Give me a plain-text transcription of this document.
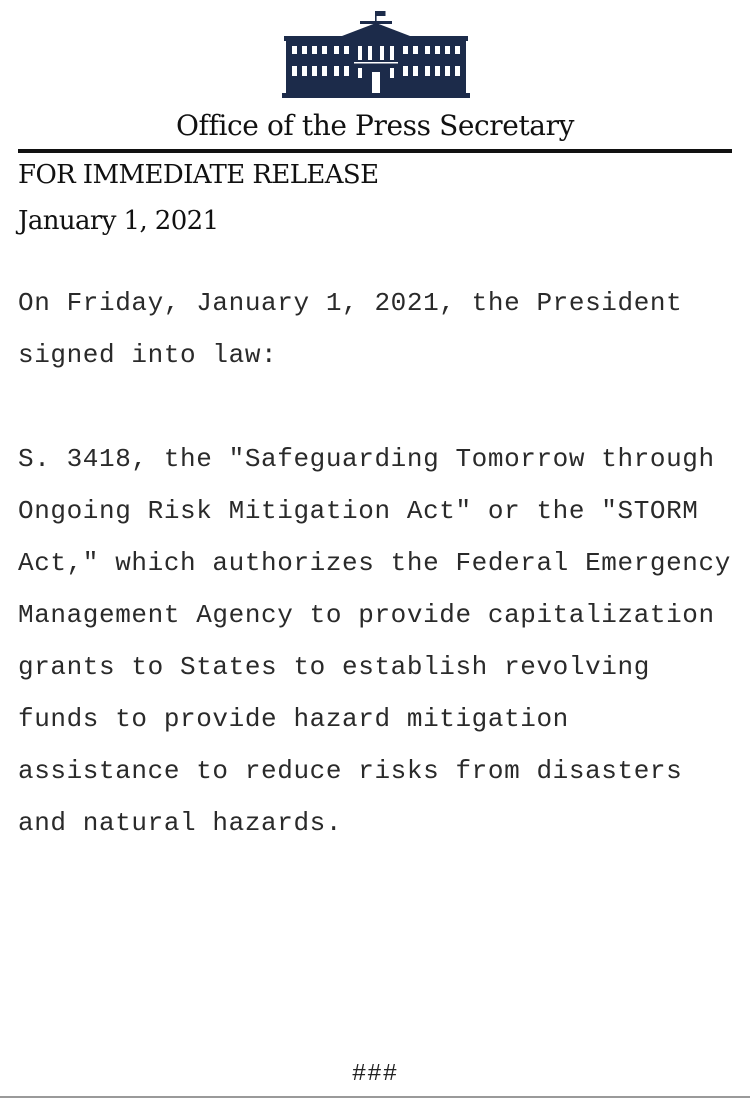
Office of the Press Secretary
FOR IMMEDIATE RELEASE
January 1, 2021

On Friday, January 1, 2021, the President signed into law:

S. 3418, the "Safeguarding Tomorrow through Ongoing Risk Mitigation Act" or the "STORM Act," which authorizes the Federal Emergency Management Agency to provide capitalization grants to States to establish revolving funds to provide hazard mitigation assistance to reduce risks from disasters and natural hazards.

###
